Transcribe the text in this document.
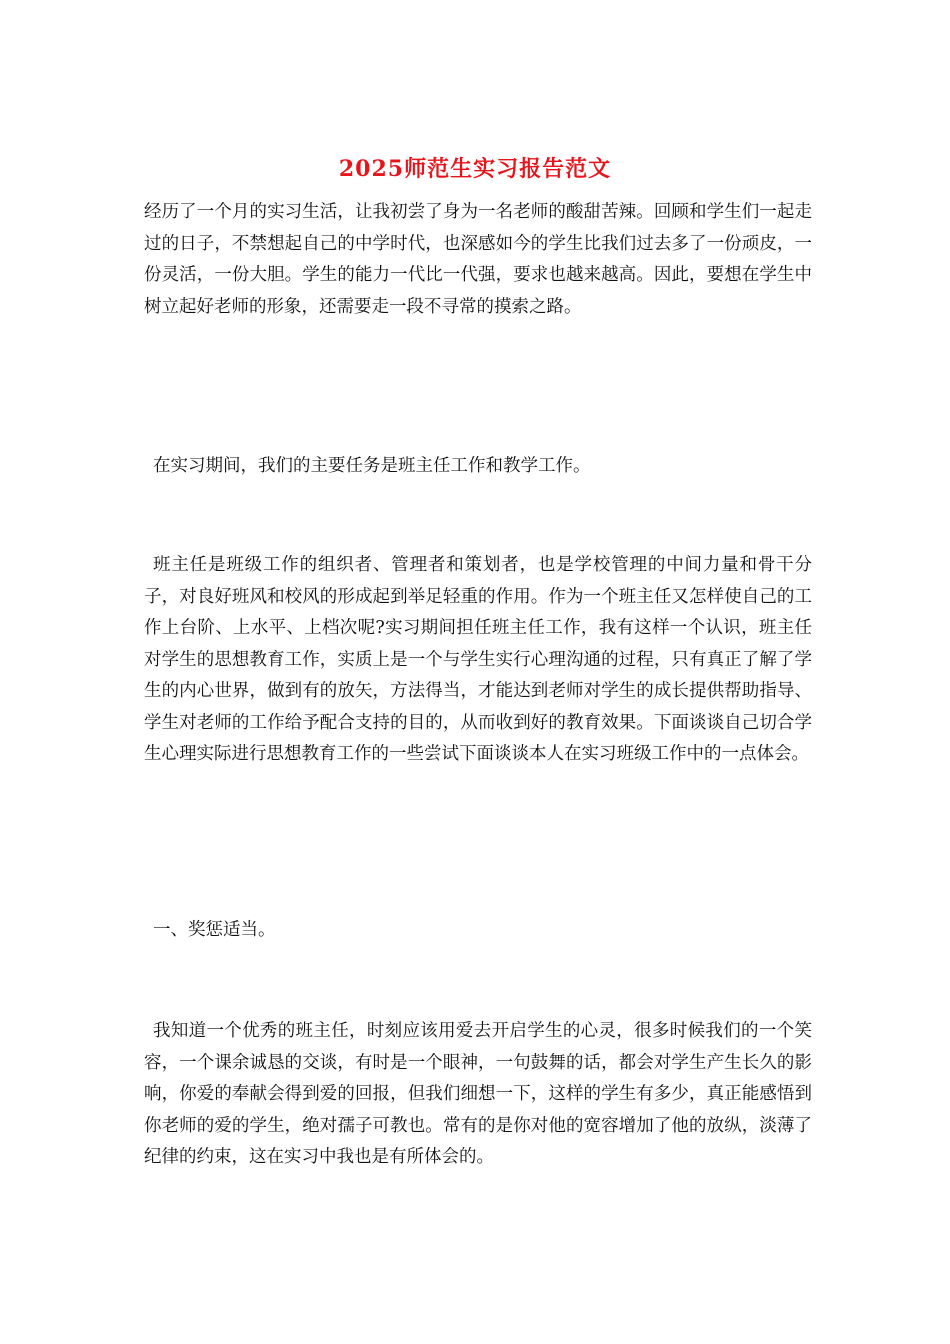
2025师范生实习报告范文

经历了一个月的实习生活，让我初尝了身为一名老师的酸甜苦辣。回顾和学生们一起走过的日子，不禁想起自己的中学时代，也深感如今的学生比我们过去多了一份顽皮，一份灵活，一份大胆。学生的能力一代比一代强，要求也越来越高。因此，要想在学生中树立起好老师的形象，还需要走一段不寻常的摸索之路。

在实习期间，我们的主要任务是班主任工作和教学工作。

班主任是班级工作的组织者、管理者和策划者，也是学校管理的中间力量和骨干分子，对良好班风和校风的形成起到举足轻重的作用。作为一个班主任又怎样使自己的工作上台阶、上水平、上档次呢?实习期间担任班主任工作，我有这样一个认识，班主任对学生的思想教育工作，实质上是一个与学生实行心理沟通的过程，只有真正了解了学生的内心世界，做到有的放矢，方法得当，才能达到老师对学生的成长提供帮助指导、学生对老师的工作给予配合支持的目的，从而收到好的教育效果。下面谈谈自己切合学生心理实际进行思想教育工作的一些尝试下面谈谈本人在实习班级工作中的一点体会。

一、奖惩适当。

我知道一个优秀的班主任，时刻应该用爱去开启学生的心灵，很多时候我们的一个笑容，一个课余诚恳的交谈，有时是一个眼神，一句鼓舞的话，都会对学生产生长久的影响，你爱的奉献会得到爱的回报，但我们细想一下，这样的学生有多少，真正能感悟到你老师的爱的学生，绝对孺子可教也。常有的是你对他的宽容增加了他的放纵，淡薄了纪律的约束，这在实习中我也是有所体会的。
